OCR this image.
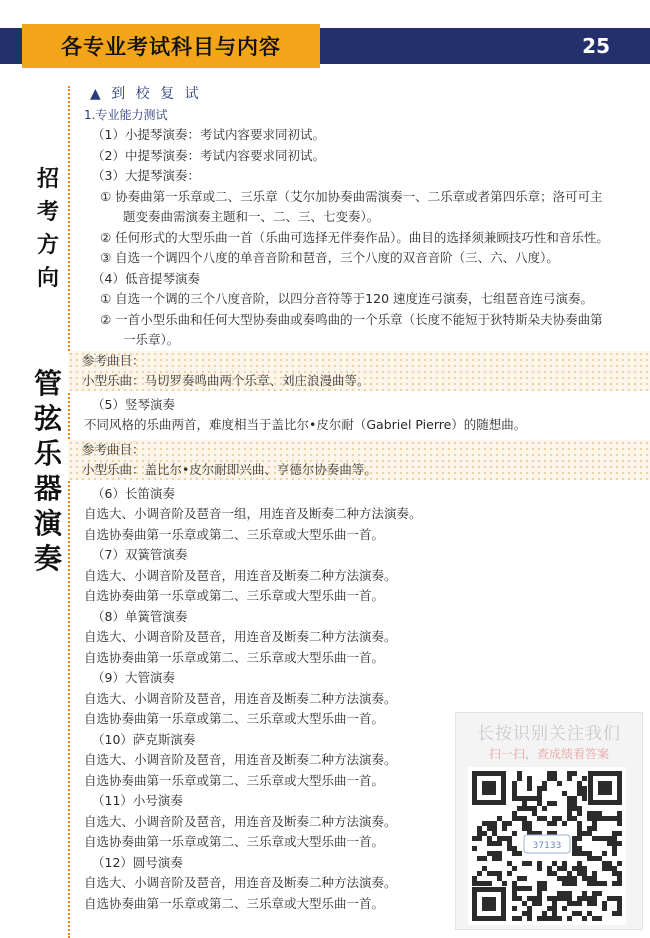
各专业考试科目与内容	25
招
考
方
向
管
弦
乐
器
演
奏
▲ 到 校 复 试
1.专业能力测试
（1）小提琴演奏：考试内容要求同初试。
（2）中提琴演奏：考试内容要求同初试。
（3）大提琴演奏：
① 协奏曲第一乐章或二、三乐章（艾尔加协奏曲需演奏一、二乐章或者第四乐章；洛可可主
题变奏曲需演奏主题和一、二、三、七变奏）。
② 任何形式的大型乐曲一首（乐曲可选择无伴奏作品）。曲目的选择须兼顾技巧性和音乐性。
③ 自选一个调四个八度的单音音阶和琶音，三个八度的双音音阶（三、六、八度）。
（4）低音提琴演奏
① 自选一个调的三个八度音阶，以四分音符等于120 速度连弓演奏，七组琶音连弓演奏。
② 一首小型乐曲和任何大型协奏曲或奏鸣曲的一个乐章（长度不能短于狄特斯朵夫协奏曲第
一乐章）。
参考曲目：
小型乐曲：马切罗奏鸣曲两个乐章、刘庄浪漫曲等。
（5）竖琴演奏
不同风格的乐曲两首，难度相当于盖比尔•皮尔耐（Gabriel Pierre）的随想曲。
参考曲目：
小型乐曲：盖比尔•皮尔耐即兴曲、亨德尔协奏曲等。
（6）长笛演奏
自选大、小调音阶及琶音一组，用连音及断奏二种方法演奏。
自选协奏曲第一乐章或第二、三乐章或大型乐曲一首。
（7）双簧管演奏
自选大、小调音阶及琶音，用连音及断奏二种方法演奏。
自选协奏曲第一乐章或第二、三乐章或大型乐曲一首。
（8）单簧管演奏
自选大、小调音阶及琶音，用连音及断奏二种方法演奏。
自选协奏曲第一乐章或第二、三乐章或大型乐曲一首。
（9）大管演奏
自选大、小调音阶及琶音，用连音及断奏二种方法演奏。
自选协奏曲第一乐章或第二、三乐章或大型乐曲一首。
（10）萨克斯演奏
自选大、小调音阶及琶音，用连音及断奏二种方法演奏。
自选协奏曲第一乐章或第二、三乐章或大型乐曲一首。
（11）小号演奏
自选大、小调音阶及琶音，用连音及断奏二种方法演奏。
自选协奏曲第一乐章或第二、三乐章或大型乐曲一首。
（12）圆号演奏
自选大、小调音阶及琶音，用连音及断奏二种方法演奏。
自选协奏曲第一乐章或第二、三乐章或大型乐曲一首。
长按识别关注我们
扫一扫，查成绩看答案
37133
